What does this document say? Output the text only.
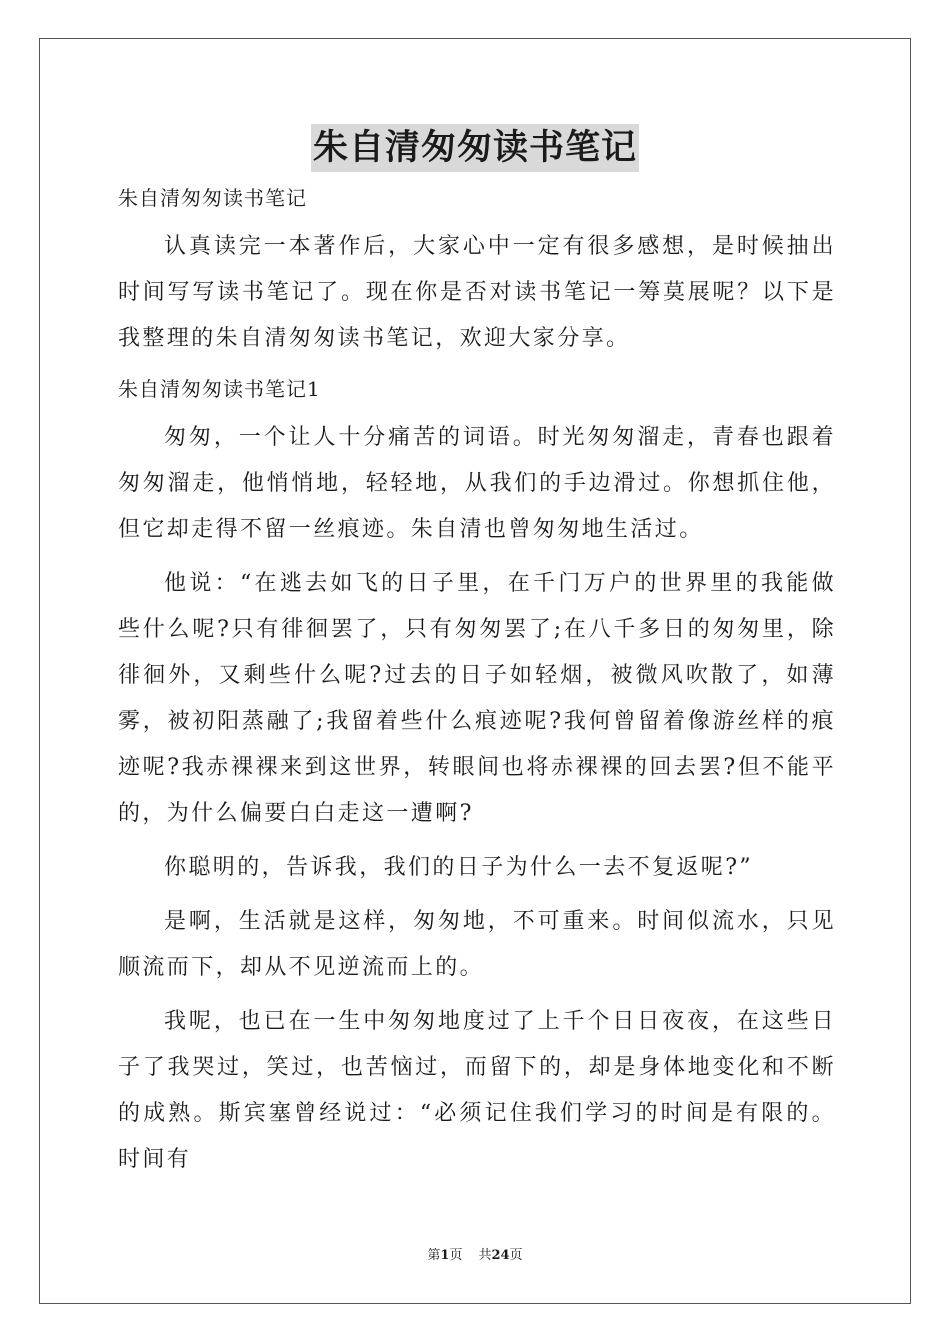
朱自清匆匆读书笔记

朱自清匆匆读书笔记

认真读完一本著作后，大家心中一定有很多感想，是时候抽出时间写写读书笔记了。现在你是否对读书笔记一筹莫展呢？以下是我整理的朱自清匆匆读书笔记，欢迎大家分享。

朱自清匆匆读书笔记1

匆匆，一个让人十分痛苦的词语。时光匆匆溜走，青春也跟着匆匆溜走，他悄悄地，轻轻地，从我们的手边滑过。你想抓住他，但它却走得不留一丝痕迹。朱自清也曾匆匆地生活过。

他说：“在逃去如飞的日子里，在千门万户的世界里的我能做些什么呢?只有徘徊罢了，只有匆匆罢了;在八千多日的匆匆里，除徘徊外，又剩些什么呢?过去的日子如轻烟，被微风吹散了，如薄雾，被初阳蒸融了;我留着些什么痕迹呢?我何曾留着像游丝样的痕迹呢?我赤裸裸来到这世界，转眼间也将赤裸裸的回去罢?但不能平的，为什么偏要白白走这一遭啊?

你聪明的，告诉我，我们的日子为什么一去不复返呢?”

是啊，生活就是这样，匆匆地，不可重来。时间似流水，只见顺流而下，却从不见逆流而上的。

我呢，也已在一生中匆匆地度过了上千个日日夜夜，在这些日子了我哭过，笑过，也苦恼过，而留下的，却是身体地变化和不断的成熟。斯宾塞曾经说过：“必须记住我们学习的时间是有限的。时间有

第1页 共24页
